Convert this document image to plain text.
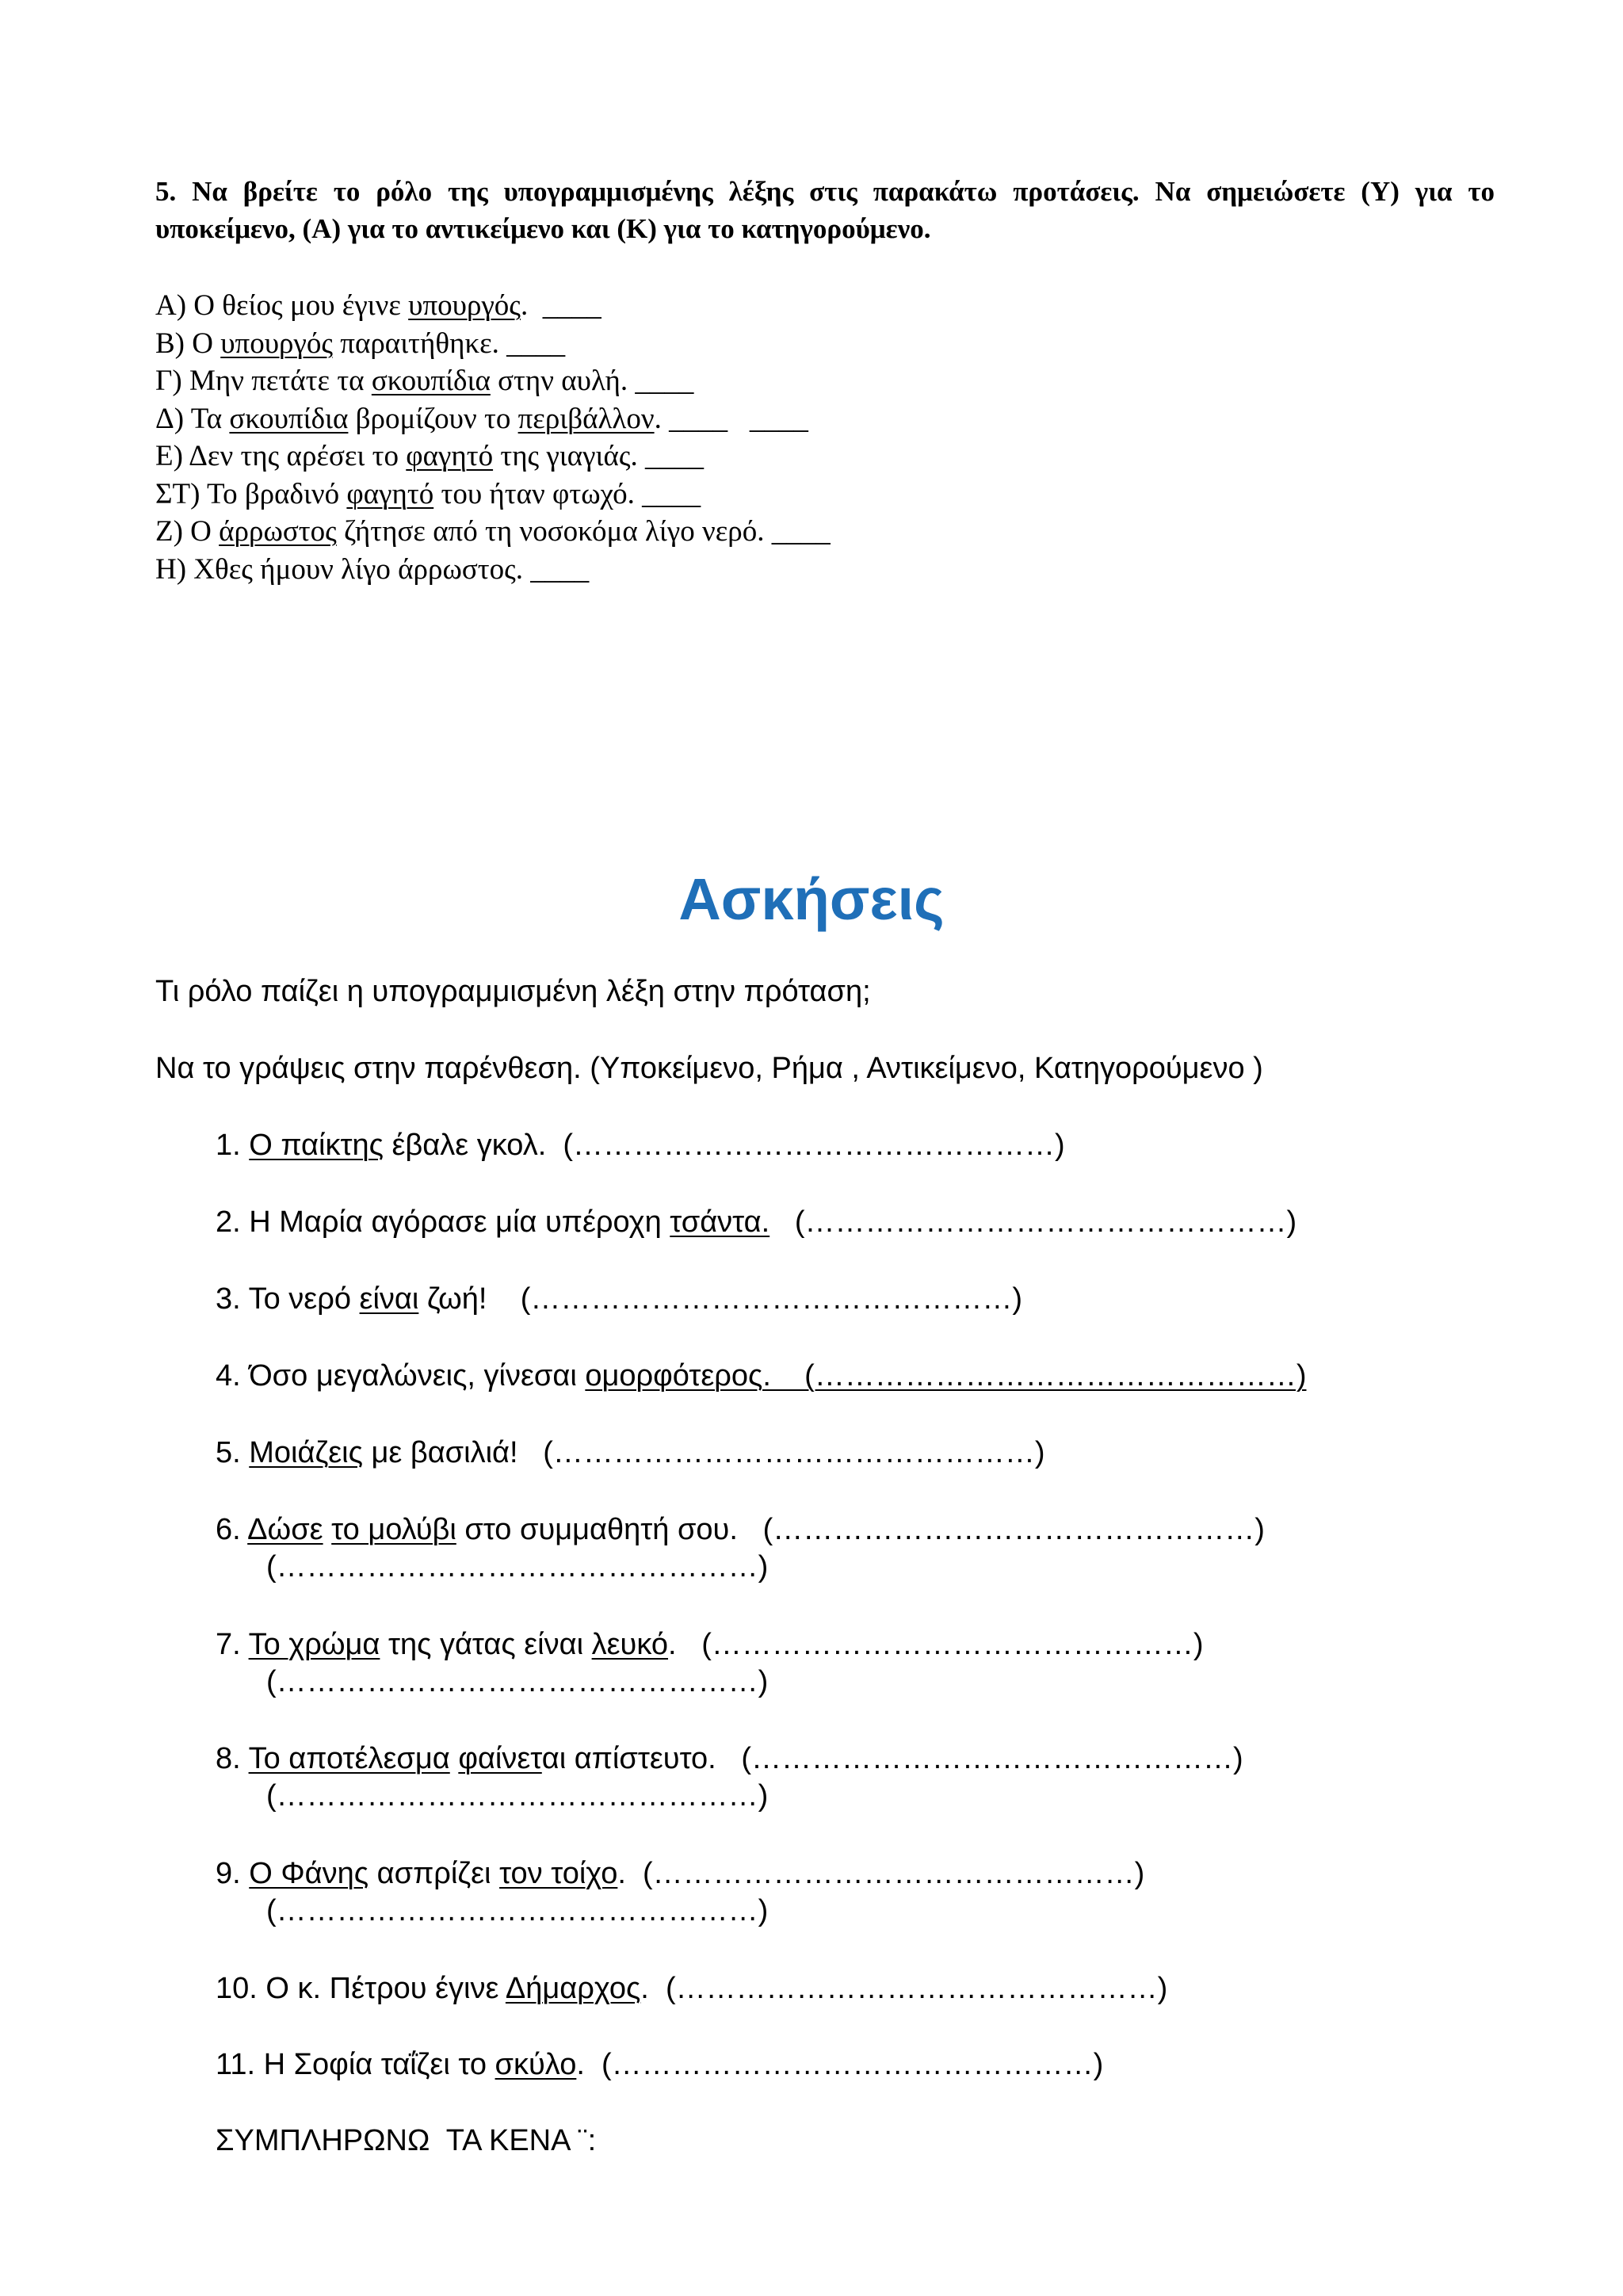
5. Να βρείτε το ρόλο της υπογραμμισμένης λέξης στις παρακάτω προτάσεις. Να σημειώσετε (Υ) για το υποκείμενο, (Α) για το αντικείμενο και (Κ) για το κατηγορούμενο.

Α) Ο θείος μου έγινε υπουργός.  ____
Β) Ο υπουργός παραιτήθηκε. ____
Γ) Μην πετάτε τα σκουπίδια στην αυλή. ____
Δ) Τα σκουπίδια βρομίζουν το περιβάλλον. ____   ____
Ε) Δεν της αρέσει το φαγητό της γιαγιάς. ____
ΣΤ) Το βραδινό φαγητό του ήταν φτωχό. ____
Ζ) Ο άρρωστος ζήτησε από τη νοσοκόμα λίγο νερό. ____
Η) Χθες ήμουν λίγο άρρωστος. ____
Ασκήσεις
Τι ρόλο παίζει η υπογραμμισμένη λέξη στην πρόταση;
Να το γράψεις στην παρένθεση. (Υποκείμενο, Ρήμα , Αντικείμενο, Κατηγορούμενο )
1. Ο παίκτης έβαλε γκολ.  (…………………………………………)
2. Η Μαρία αγόρασε μία υπέροχη τσάντα. (…………………………………………)
3. Το νερό είναι ζωή!    (…………………………………………)
4. Όσο μεγαλώνεις, γίνεσαι ομορφότερος.    (…………………………………………)
5. Μοιάζεις με βασιλιά!   (…………………………………………)
6. Δώσε το μολύβι στο συμμαθητή σου.   (…………………………………………)
(…………………………………………)
7. Το χρώμα της γάτας είναι λευκό.   (…………………………………………)
(…………………………………………)
8. Το αποτέλεσμα φαίνεται απίστευτο.   (…………………………………………)
(…………………………………………)
9. Ο Φάνης ασπρίζει τον τοίχο.  (…………………………………………)
(…………………………………………)
10. Ο κ. Πέτρου έγινε Δήμαρχος.  (…………………………………………)
11. Η Σοφία ταΐζει το σκύλο.  (…………………………………………)
ΣΥΜΠΛΗΡΩΝΩ  ΤΑ ΚΕΝΑ ¨:
